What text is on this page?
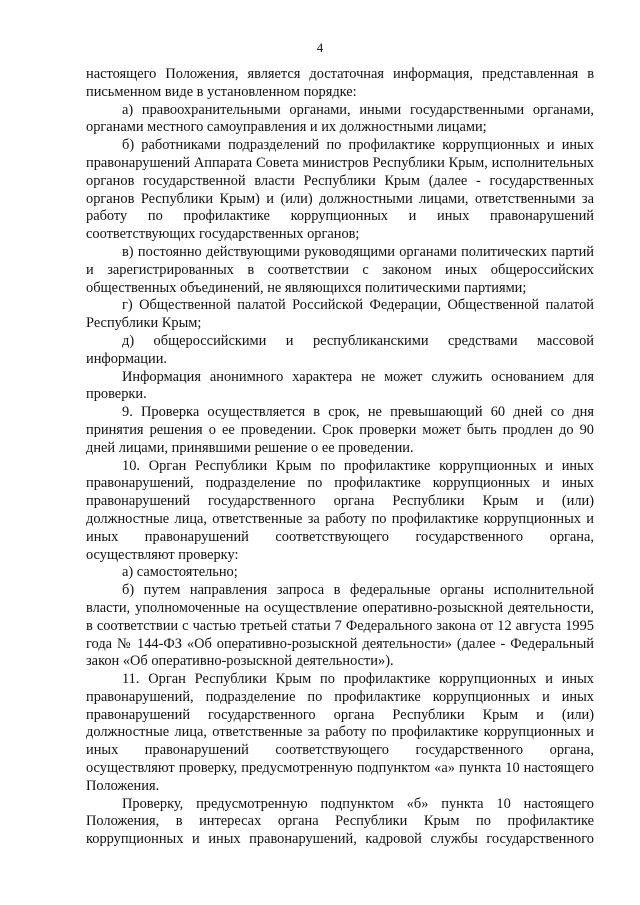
4

настоящего Положения, является достаточная информация, представленная в письменном виде в установленном порядке:

а) правоохранительными органами, иными государственными органами, органами местного самоуправления и их должностными лицами;

б) работниками подразделений по профилактике коррупционных и иных правонарушений Аппарата Совета министров Республики Крым, исполнительных органов государственной власти Республики Крым (далее - государственных органов Республики Крым) и (или) должностными лицами, ответственными за работу по профилактике коррупционных и иных правонарушений соответствующих государственных органов;

в) постоянно действующими руководящими органами политических партий и зарегистрированных в соответствии с законом иных общероссийских общественных объединений, не являющихся политическими партиями;

г) Общественной палатой Российской Федерации, Общественной палатой Республики Крым;

д) общероссийскими и республиканскими средствами массовой информации.

Информация анонимного характера не может служить основанием для проверки.

9. Проверка осуществляется в срок, не превышающий 60 дней со дня принятия решения о ее проведении. Срок проверки может быть продлен до 90 дней лицами, принявшими решение о ее проведении.

10. Орган Республики Крым по профилактике коррупционных и иных правонарушений, подразделение по профилактике коррупционных и иных правонарушений государственного органа Республики Крым и (или) должностные лица, ответственные за работу по профилактике коррупционных и иных правонарушений соответствующего государственного органа, осуществляют проверку:

а) самостоятельно;

б) путем направления запроса в федеральные органы исполнительной власти, уполномоченные на осуществление оперативно-розыскной деятельности, в соответствии с частью третьей статьи 7 Федерального закона от 12 августа 1995 года № 144-ФЗ «Об оперативно-розыскной деятельности» (далее - Федеральный закон «Об оперативно-розыскной деятельности»).

11. Орган Республики Крым по профилактике коррупционных и иных правонарушений, подразделение по профилактике коррупционных и иных правонарушений государственного органа Республики Крым и (или) должностные лица, ответственные за работу по профилактике коррупционных и иных правонарушений соответствующего государственного органа, осуществляют проверку, предусмотренную подпунктом «а» пункта 10 настоящего Положения.

Проверку, предусмотренную подпунктом «б» пункта 10 настоящего Положения, в интересах органа Республики Крым по профилактике коррупционных и иных правонарушений, кадровой службы государственного
